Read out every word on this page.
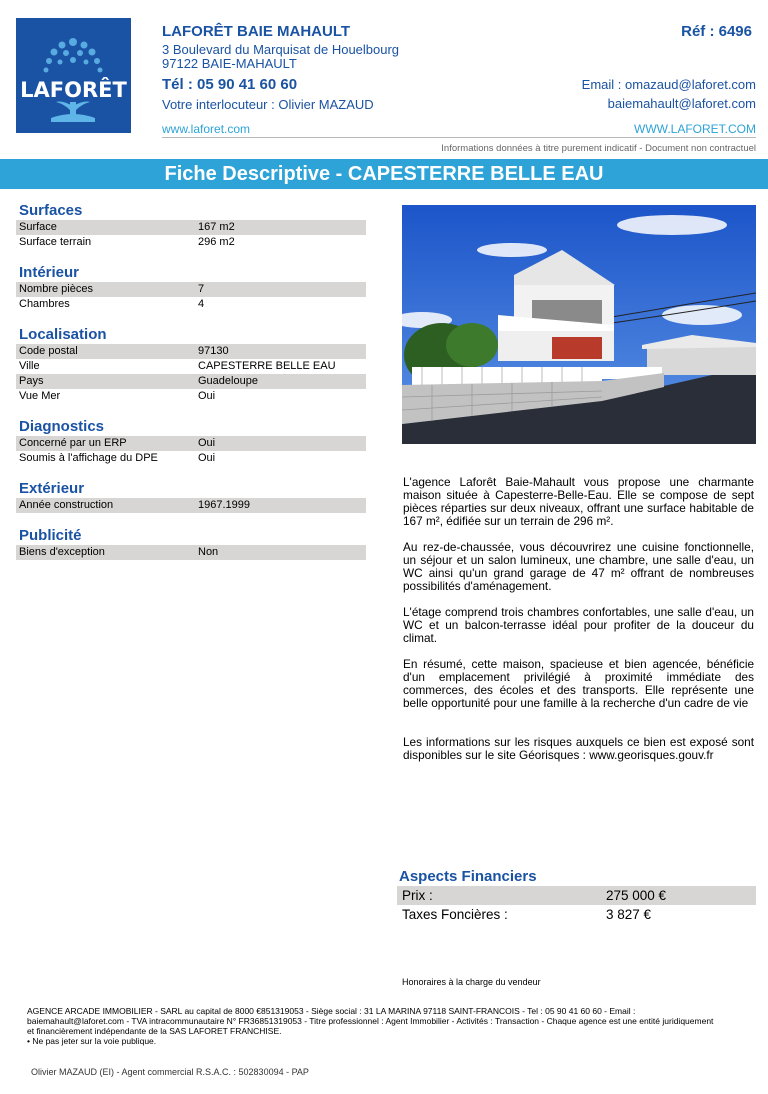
LAFORÊT
LAFORÊT BAIE MAHAULT	Réf : 6496
3 Boulevard du Marquisat de Houelbourg
97122 BAIE-MAHAULT
Tél : 05 90 41 60 60
Votre interlocuteur : Olivier MAZAUD
Email : omazaud@laforet.com
baiemahault@laforet.com
www.laforet.com	WWW.LAFORET.COM
Informations données à titre purement indicatif - Document non contractuel
Fiche Descriptive - CAPESTERRE BELLE EAU
Surfaces
Surface	167 m2
Surface terrain	296 m2
Intérieur
Nombre pièces	7
Chambres	4
Localisation
Code postal	97130
Ville	CAPESTERRE BELLE EAU
Pays	Guadeloupe
Vue Mer	Oui
Diagnostics
Concerné par un ERP	Oui
Soumis à l'affichage du DPE	Oui
Extérieur
Année construction	1967.1999
Publicité
Biens d'exception	Non

L'agence Laforêt Baie-Mahault vous propose une charmante maison située à Capesterre-Belle-Eau. Elle se compose de sept pièces réparties sur deux niveaux, offrant une surface habitable de 167 m², édifiée sur un terrain de 296 m².

Au rez-de-chaussée, vous découvrirez une cuisine fonctionnelle, un séjour et un salon lumineux, une chambre, une salle d'eau, un WC ainsi qu'un grand garage de 47 m² offrant de nombreuses possibilités d'aménagement.

L'étage comprend trois chambres confortables, une salle d'eau, un WC et un balcon-terrasse idéal pour profiter de la douceur du climat.

En résumé, cette maison, spacieuse et bien agencée, bénéficie d'un emplacement privilégié à proximité immédiate des commerces, des écoles et des transports. Elle représente une belle opportunité pour une famille à la recherche d'un cadre de vie

Les informations sur les risques auxquels ce bien est exposé sont disponibles sur le site Géorisques : www.georisques.gouv.fr

Aspects Financiers
Prix :	275 000 €
Taxes Foncières :	3 827 €
Honoraires à la charge du vendeur
AGENCE ARCADE IMMOBILIER - SARL au capital de 8000 €851319053 - Siège social : 31 LA MARINA 97118 SAINT-FRANCOIS - Tel : 05 90 41 60 60 - Email :
baiemahault@laforet.com - TVA intracommunautaire N° FR36851319053 - Titre professionnel : Agent Immobilier - Activités : Transaction - Chaque agence est une entité juridiquement
et financièrement indépendante de la SAS LAFORET FRANCHISE.
• Ne pas jeter sur la voie publique.
Olivier MAZAUD (EI) - Agent commercial R.S.A.C. : 502830094 - PAP
